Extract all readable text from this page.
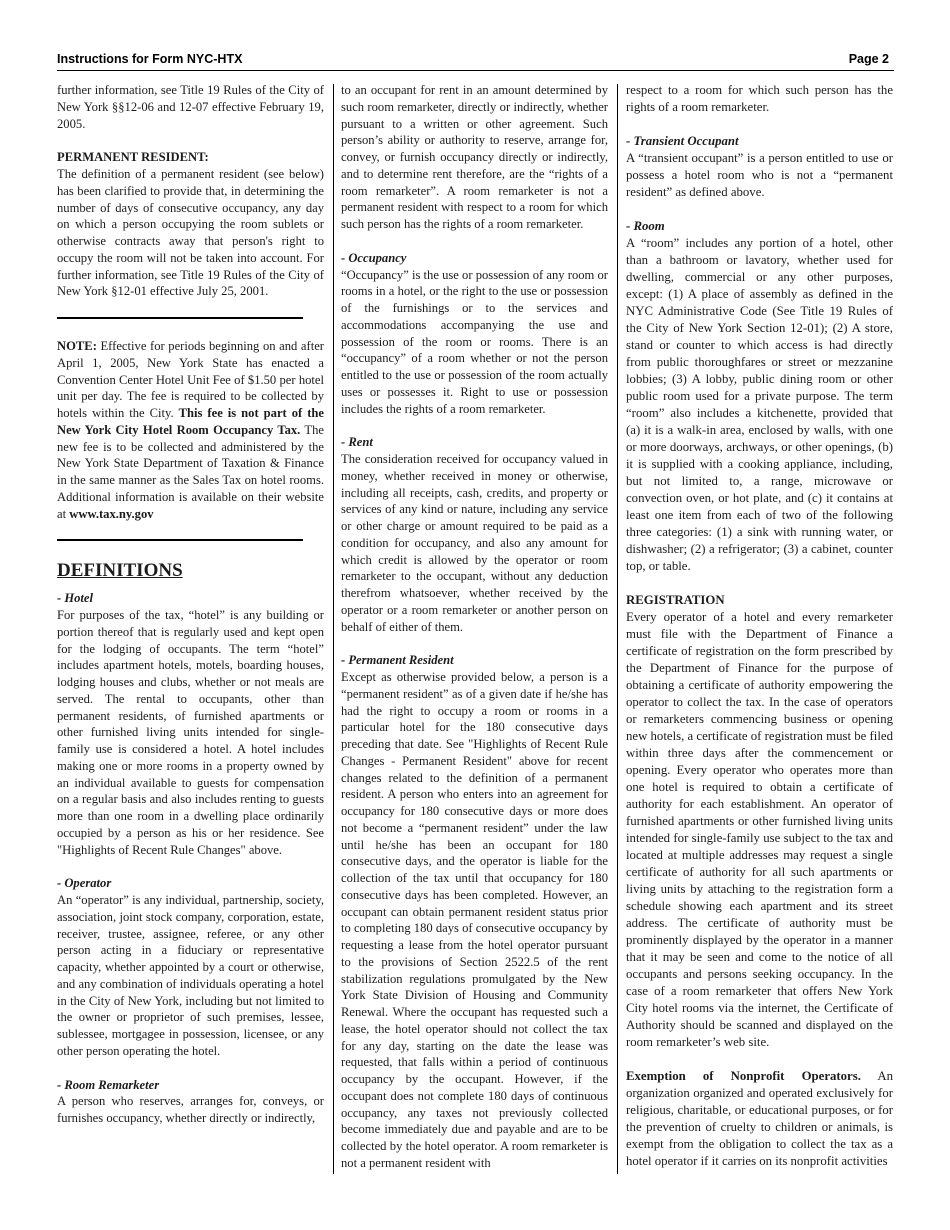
Instructions for Form NYC-HTX	Page 2

further information, see Title 19 Rules of the City of New York §§12-06 and 12-07 effective February 19, 2005.

PERMANENT RESIDENT:
The definition of a permanent resident (see below) has been clarified to provide that, in determining the number of days of consecutive occupancy, any day on which a person occupying the room sublets or otherwise contracts away that person's right to occupy the room will not be taken into account. For further information, see Title 19 Rules of the City of New York §12-01 effective July 25, 2001.

NOTE: Effective for periods beginning on and after April 1, 2005, New York State has enacted a Convention Center Hotel Unit Fee of $1.50 per hotel unit per day. The fee is required to be collected by hotels within the City. This fee is not part of the New York City Hotel Room Occupancy Tax. The new fee is to be collected and administered by the New York State Department of Taxation & Finance in the same manner as the Sales Tax on hotel rooms. Additional information is available on their website at www.tax.ny.gov

DEFINITIONS

- Hotel
For purposes of the tax, “hotel” is any building or portion thereof that is regularly used and kept open for the lodging of occupants. The term “hotel” includes apartment hotels, motels, boarding houses, lodging houses and clubs, whether or not meals are served. The rental to occupants, other than permanent residents, of furnished apartments or other furnished living units intended for single-family use is considered a hotel. A hotel includes making one or more rooms in a property owned by an individual available to guests for compensation on a regular basis and also includes renting to guests more than one room in a dwelling place ordinarily occupied by a person as his or her residence. See "Highlights of Recent Rule Changes" above.

- Operator
An “operator” is any individual, partnership, society, association, joint stock company, corporation, estate, receiver, trustee, assignee, referee, or any other person acting in a fiduciary or representative capacity, whether appointed by a court or otherwise, and any combination of individuals operating a hotel in the City of New York, including but not limited to the owner or proprietor of such premises, lessee, sublessee, mortgagee in possession, licensee, or any other person operating the hotel.

- Room Remarketer
A person who reserves, arranges for, conveys, or furnishes occupancy, whether directly or indirectly,

to an occupant for rent in an amount determined by such room remarketer, directly or indirectly, whether pursuant to a written or other agreement. Such person’s ability or authority to reserve, arrange for, convey, or furnish occupancy directly or indirectly, and to determine rent therefore, are the “rights of a room remarketer”. A room remarketer is not a permanent resident with respect to a room for which such person has the rights of a room remarketer.

- Occupancy
“Occupancy” is the use or possession of any room or rooms in a hotel, or the right to the use or possession of the furnishings or to the services and accommodations accompanying the use and possession of the room or rooms. There is an “occupancy” of a room whether or not the person entitled to the use or possession of the room actually uses or possesses it. Right to use or possession includes the rights of a room remarketer.

- Rent
The consideration received for occupancy valued in money, whether received in money or otherwise, including all receipts, cash, credits, and property or services of any kind or nature, including any service or other charge or amount required to be paid as a condition for occupancy, and also any amount for which credit is allowed by the operator or room remarketer to the occupant, without any deduction therefrom whatsoever, whether received by the operator or a room remarketer or another person on behalf of either of them.

- Permanent Resident
Except as otherwise provided below, a person is a “permanent resident” as of a given date if he/she has had the right to occupy a room or rooms in a particular hotel for the 180 consecutive days preceding that date. See "Highlights of Recent Rule Changes - Permanent Resident" above for recent changes related to the definition of a permanent resident. A person who enters into an agreement for occupancy for 180 consecutive days or more does not become a “permanent resident” under the law until he/she has been an occupant for 180 consecutive days, and the operator is liable for the collection of the tax until that occupancy for 180 consecutive days has been completed. However, an occupant can obtain permanent resident status prior to completing 180 days of consecutive occupancy by requesting a lease from the hotel operator pursuant to the provisions of Section 2522.5 of the rent stabilization regulations promulgated by the New York State Division of Housing and Community Renewal. Where the occupant has requested such a lease, the hotel operator should not collect the tax for any day, starting on the date the lease was requested, that falls within a period of continuous occupancy by the occupant. However, if the occupant does not complete 180 days of continuous occupancy, any taxes not previously collected become immediately due and payable and are to be collected by the hotel operator. A room remarketer is not a permanent resident with

respect to a room for which such person has the rights of a room remarketer.

- Transient Occupant
A “transient occupant” is a person entitled to use or possess a hotel room who is not a “permanent resident” as defined above.

- Room
A “room” includes any portion of a hotel, other than a bathroom or lavatory, whether used for dwelling, commercial or any other purposes, except: (1) A place of assembly as defined in the NYC Administrative Code (See Title 19 Rules of the City of New York Section 12-01); (2) A store, stand or counter to which access is had directly from public thoroughfares or street or mezzanine lobbies; (3) A lobby, public dining room or other public room used for a private purpose. The term “room” also includes a kitchenette, provided that (a) it is a walk-in area, enclosed by walls, with one or more doorways, archways, or other openings, (b) it is supplied with a cooking appliance, including, but not limited to, a range, microwave or convection oven, or hot plate, and (c) it contains at least one item from each of two of the following three categories: (1) a sink with running water, or dishwasher; (2) a refrigerator; (3) a cabinet, counter top, or table.

REGISTRATION
Every operator of a hotel and every remarketer must file with the Department of Finance a certificate of registration on the form prescribed by the Department of Finance for the purpose of obtaining a certificate of authority empowering the operator to collect the tax. In the case of operators or remarketers commencing business or opening new hotels, a certificate of registration must be filed within three days after the commencement or opening. Every operator who operates more than one hotel is required to obtain a certificate of authority for each establishment. An operator of furnished apartments or other furnished living units intended for single-family use subject to the tax and located at multiple addresses may request a single certificate of authority for all such apartments or living units by attaching to the registration form a schedule showing each apartment and its street address. The certificate of authority must be prominently displayed by the operator in a manner that it may be seen and come to the notice of all occupants and persons seeking occupancy. In the case of a room remarketer that offers New York City hotel rooms via the internet, the Certificate of Authority should be scanned and displayed on the room remarketer’s web site.

Exemption of Nonprofit Operators. An organization organized and operated exclusively for religious, charitable, or educational purposes, or for the prevention of cruelty to children or animals, is exempt from the obligation to collect the tax as a hotel operator if it carries on its nonprofit activities
